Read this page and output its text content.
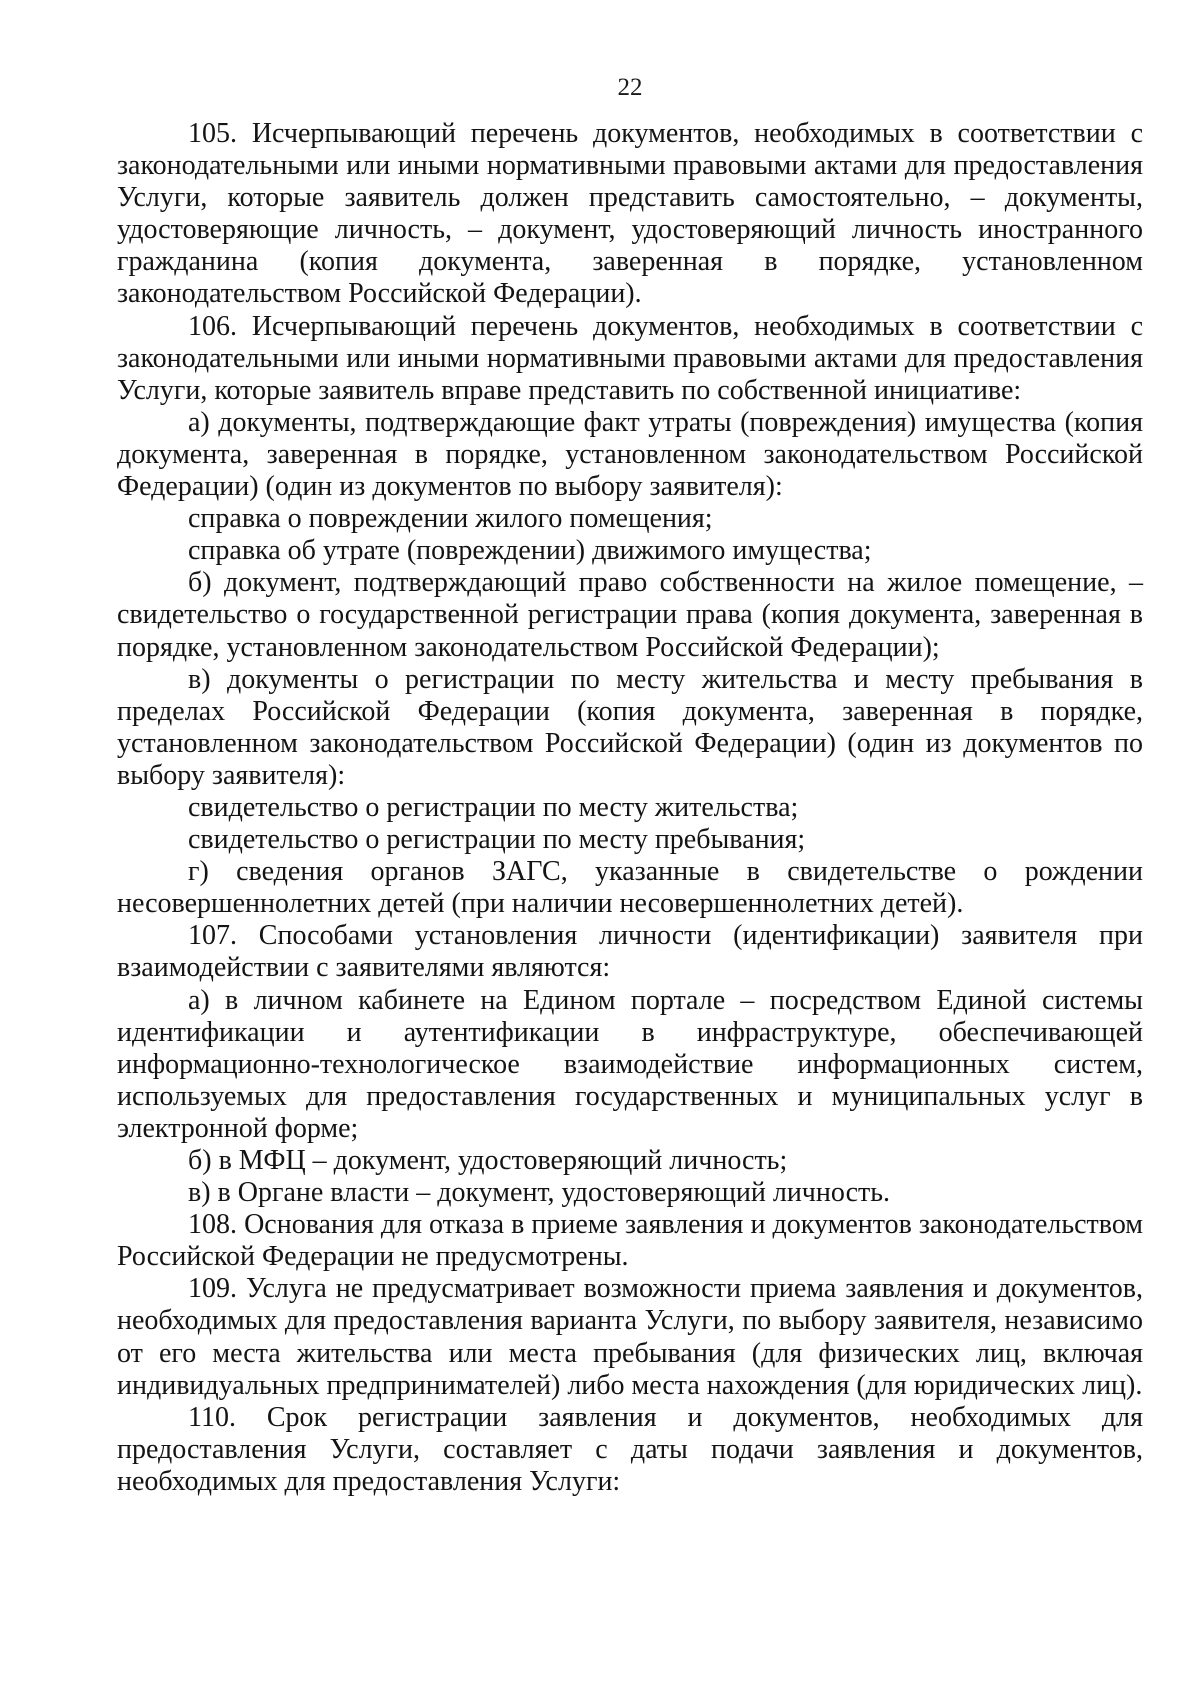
22

105. Исчерпывающий перечень документов, необходимых в соответствии с законодательными или иными нормативными правовыми актами для предоставления Услуги, которые заявитель должен представить самостоятельно, – документы, удостоверяющие личность, – документ, удостоверяющий личность иностранного гражданина (копия документа, заверенная в порядке, установленном законодательством Российской Федерации).

106. Исчерпывающий перечень документов, необходимых в соответствии с законодательными или иными нормативными правовыми актами для предоставления Услуги, которые заявитель вправе представить по собственной инициативе:

а) документы, подтверждающие факт утраты (повреждения) имущества (копия документа, заверенная в порядке, установленном законодательством Российской Федерации) (один из документов по выбору заявителя):

справка о повреждении жилого помещения;

справка об утрате (повреждении) движимого имущества;

б) документ, подтверждающий право собственности на жилое помещение, – свидетельство о государственной регистрации права (копия документа, заверенная в порядке, установленном законодательством Российской Федерации);

в) документы о регистрации по месту жительства и месту пребывания в пределах Российской Федерации (копия документа, заверенная в порядке, установленном законодательством Российской Федерации) (один из документов по выбору заявителя):

свидетельство о регистрации по месту жительства;

свидетельство о регистрации по месту пребывания;

г) сведения органов ЗАГС, указанные в свидетельстве о рождении несовершеннолетних детей (при наличии несовершеннолетних детей).

107. Способами установления личности (идентификации) заявителя при взаимодействии с заявителями являются:

а) в личном кабинете на Едином портале – посредством Единой системы идентификации и аутентификации в инфраструктуре, обеспечивающей информационно-технологическое взаимодействие информационных систем, используемых для предоставления государственных и муниципальных услуг в электронной форме;

б) в МФЦ – документ, удостоверяющий личность;

в) в Органе власти – документ, удостоверяющий личность.

108. Основания для отказа в приеме заявления и документов законодательством Российской Федерации не предусмотрены.

109. Услуга не предусматривает возможности приема заявления и документов, необходимых для предоставления варианта Услуги, по выбору заявителя, независимо от его места жительства или места пребывания (для физических лиц, включая индивидуальных предпринимателей) либо места нахождения (для юридических лиц).

110. Срок регистрации заявления и документов, необходимых для предоставления Услуги, составляет с даты подачи заявления и документов, необходимых для предоставления Услуги:
